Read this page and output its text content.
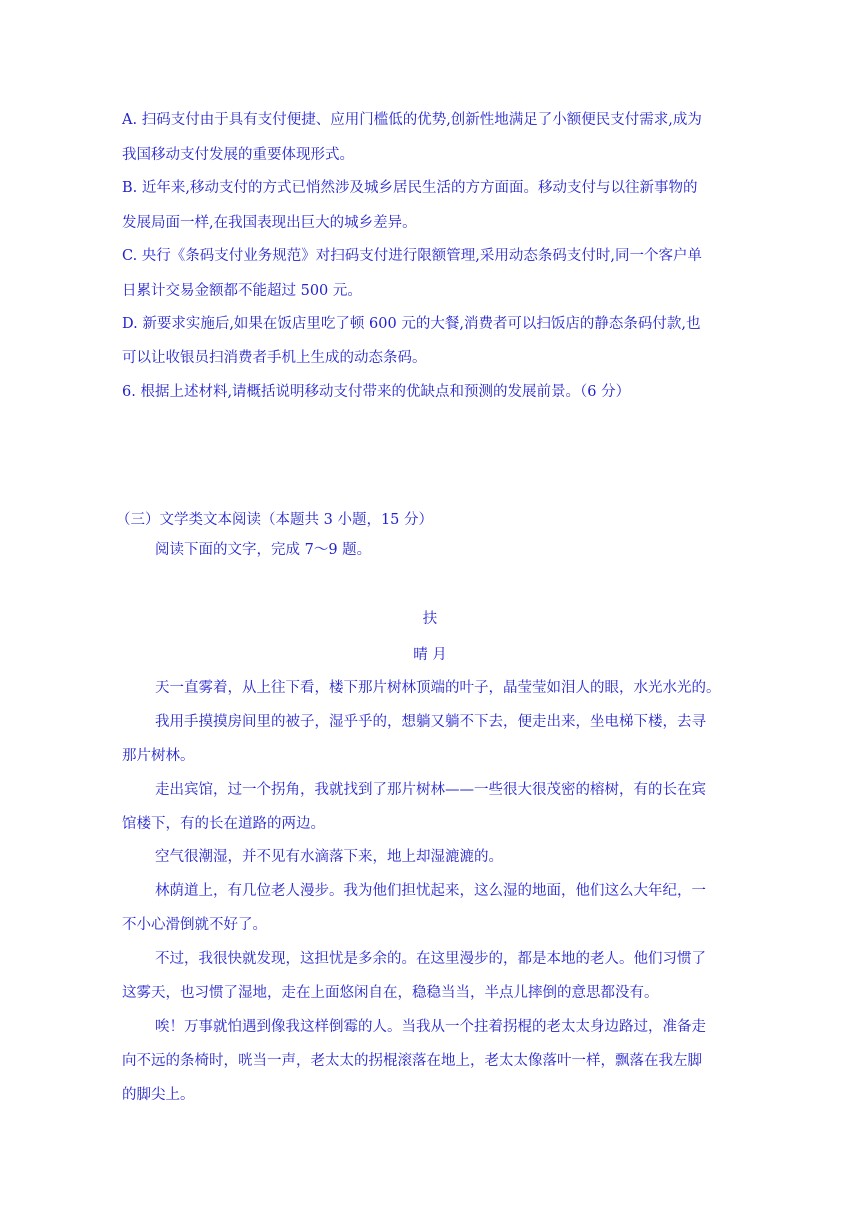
A. 扫码支付由于具有支付便捷、应用门槛低的优势,创新性地满足了小额便民支付需求,成为
我国移动支付发展的重要体现形式。
B. 近年来,移动支付的方式已悄然涉及城乡居民生活的方方面面。移动支付与以往新事物的
发展局面一样,在我国表现出巨大的城乡差异。
C. 央行《条码支付业务规范》对扫码支付进行限额管理,采用动态条码支付时,同一个客户单
日累计交易金额都不能超过 500 元。
D. 新要求实施后,如果在饭店里吃了顿 600 元的大餐,消费者可以扫饭店的静态条码付款,也
可以让收银员扫消费者手机上生成的动态条码。
6. 根据上述材料,请概括说明移动支付带来的优缺点和预测的发展前景。（6 分）
（三）文学类文本阅读（本题共 3 小题，15 分）
阅读下面的文字，完成 7～9 题。
扶
晴 月
天一直雾着，从上往下看，楼下那片树林顶端的叶子，晶莹莹如泪人的眼，水光水光的。
我用手摸摸房间里的被子，湿乎乎的，想躺又躺不下去，便走出来，坐电梯下楼，去寻
那片树林。
走出宾馆，过一个拐角，我就找到了那片树林——一些很大很茂密的榕树，有的长在宾
馆楼下，有的长在道路的两边。
空气很潮湿，并不见有水滴落下来，地上却湿漉漉的。
林荫道上，有几位老人漫步。我为他们担忧起来，这么湿的地面，他们这么大年纪，一
不小心滑倒就不好了。
不过，我很快就发现，这担忧是多余的。在这里漫步的，都是本地的老人。他们习惯了
这雾天，也习惯了湿地，走在上面悠闲自在，稳稳当当，半点儿摔倒的意思都没有。
唉！万事就怕遇到像我这样倒霉的人。当我从一个拄着拐棍的老太太身边路过，准备走
向不远的条椅时，咣当一声，老太太的拐棍滚落在地上，老太太像落叶一样，飘落在我左脚
的脚尖上。
